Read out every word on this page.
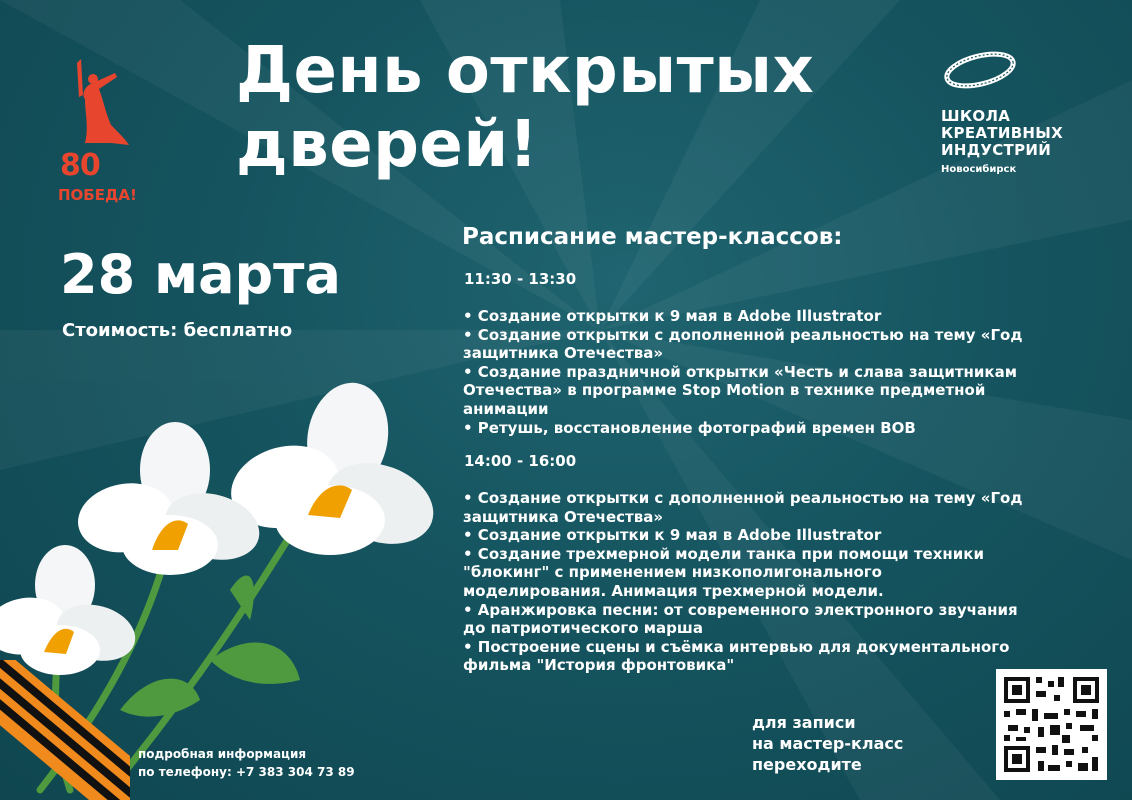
80
ПОБЕДА!
День открытых
дверей!	ШКОЛА
КРЕАТИВНЫХ
ИНДУСТРИЙ
Новосибирск
28 марта
Стоимость: бесплатно
Расписание мастер-классов:
11:30 - 13:30
• Создание открытки к 9 мая в Adobe Illustrator
• Создание открытки с дополненной реальностью на тему «Год
защитника Отечества»
• Создание праздничной открытки «Честь и слава защитникам
Отечества» в программе Stop Motion в технике предметной
анимации
• Ретушь, восстановление фотографий времен ВОВ
14:00 - 16:00
• Создание открытки с дополненной реальностью на тему «Год
защитника Отечества»
• Создание открытки к 9 мая в Adobe Illustrator
• Создание трехмерной модели танка при помощи техники
"блокинг" с применением низкополигонального
моделирования. Анимация трехмерной модели.
• Аранжировка песни: от современного электронного звучания
до патриотического марша
• Построение сцены и съёмка интервью для документального
фильма "История фронтовика"
подробная информация
по телефону: +7 383 304 73 89
для записи
на мастер-класс
переходите
